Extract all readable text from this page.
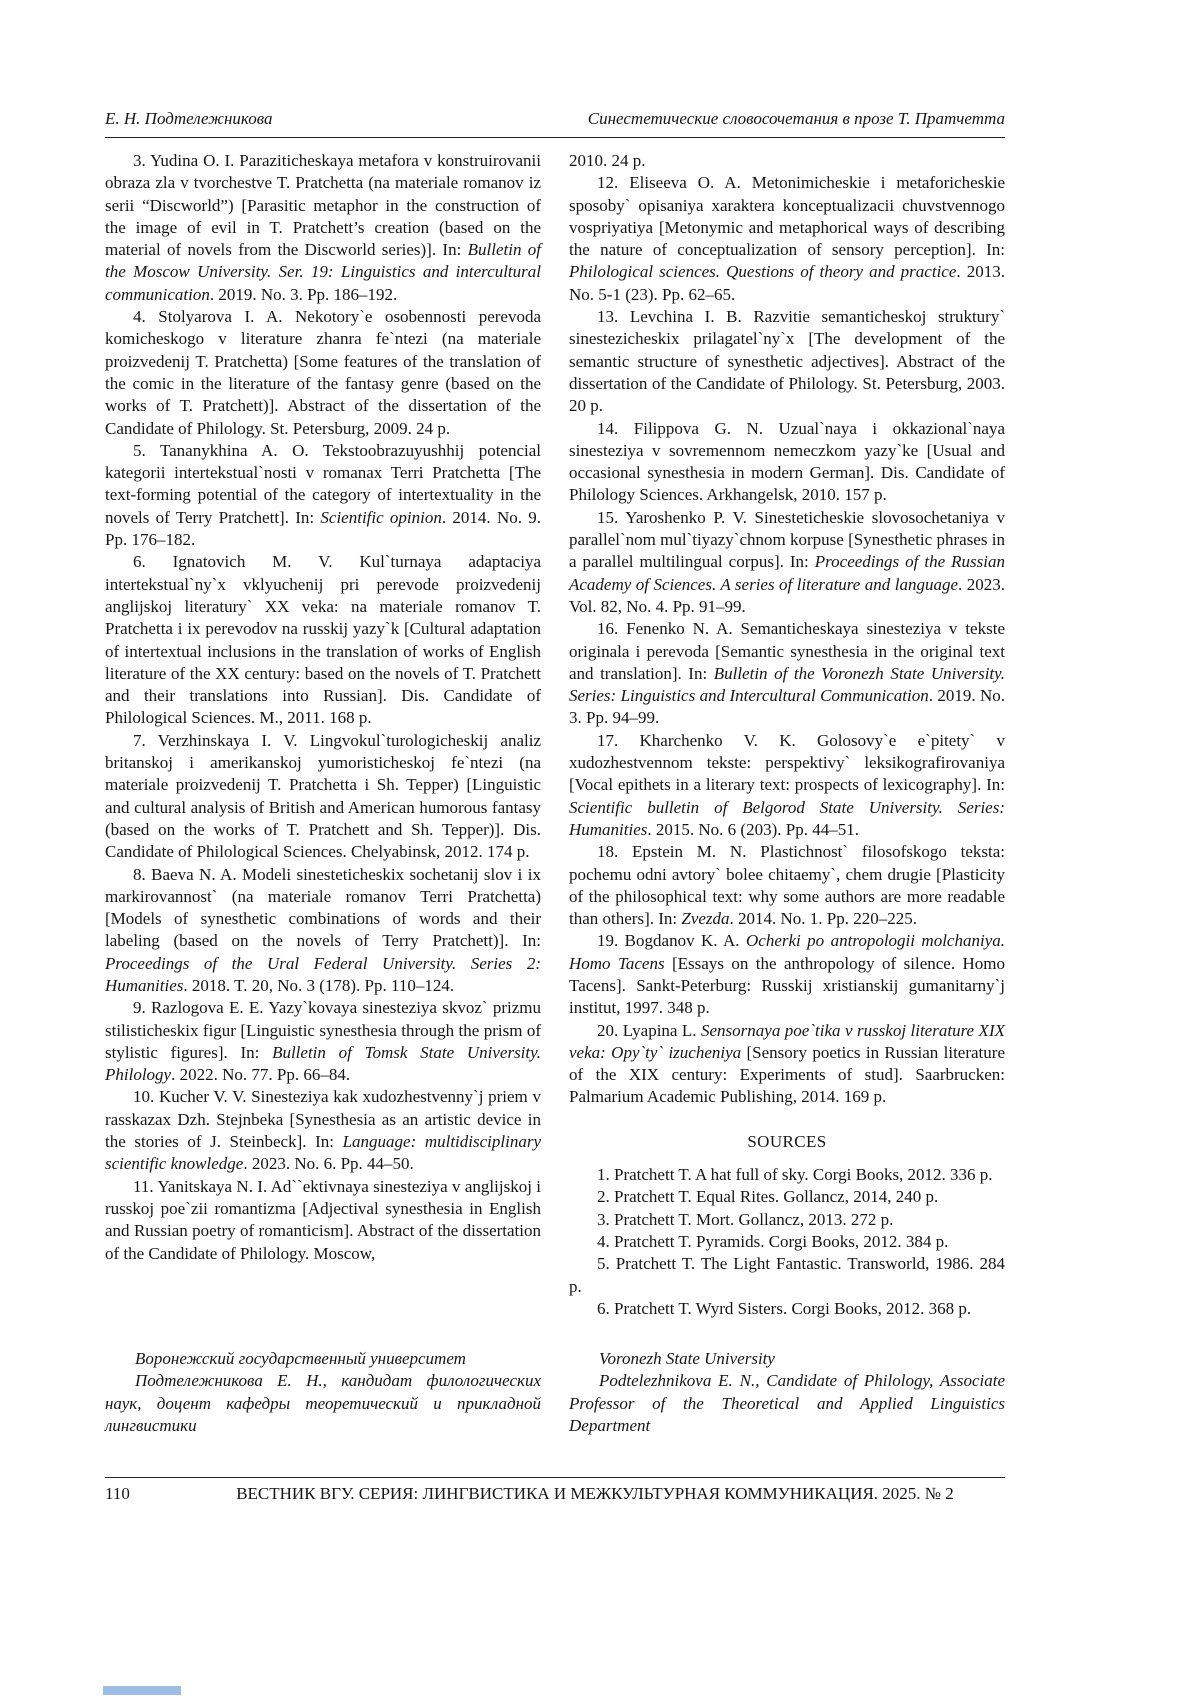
Е. Н. Подтележникова	Синестетические словосочетания в прозе Т. Пратчетта

3. Yudina O. I. Paraziticheskaya metafora v konstruirovanii obraza zla v tvorchestve T. Pratchetta (na materiale romanov iz serii “Discworld”) [Parasitic metaphor in the construction of the image of evil in T. Pratchett’s creation (based on the material of novels from the Discworld series)]. In: Bulletin of the Moscow University. Ser. 19: Linguistics and intercultural communication. 2019. No. 3. Pp. 186–192.

4. Stolyarova I. A. Nekotory`e osobennosti perevoda komicheskogo v literature zhanra fe`ntezi (na materiale proizvedenij T. Pratchetta) [Some features of the translation of the comic in the literature of the fantasy genre (based on the works of T. Pratchett)]. Abstract of the dissertation of the Candidate of Philology. St. Petersburg, 2009. 24 p.

5. Tananykhina A. O. Tekstoobrazuyushhij potencial kategorii intertekstual`nosti v romanax Terri Pratchetta [The text-forming potential of the category of intertextuality in the novels of Terry Pratchett]. In: Scientific opinion. 2014. No. 9. Pp. 176–182.

6. Ignatovich M. V. Kul`turnaya adaptaciya intertekstual`ny`x vklyuchenij pri perevode proizvedenij anglijskoj literatury` XX veka: na materiale romanov T. Pratchetta i ix perevodov na russkij yazy`k [Cultural adaptation of intertextual inclusions in the translation of works of English literature of the XX century: based on the novels of T. Pratchett and their translations into Russian]. Dis. Candidate of Philological Sciences. M., 2011. 168 p.

7. Verzhinskaya I. V. Lingvokul`turologicheskij analiz britanskoj i amerikanskoj yumoristicheskoj fe`ntezi (na materiale proizvedenij T. Pratchetta i Sh. Tepper) [Linguistic and cultural analysis of British and American humorous fantasy (based on the works of T. Pratchett and Sh. Tepper)]. Dis. Candidate of Philological Sciences. Chelyabinsk, 2012. 174 p.

8. Baeva N. A. Modeli sinesteticheskix sochetanij slov i ix markirovannost` (na materiale romanov Terri Pratchetta) [Models of synesthetic combinations of words and their labeling (based on the novels of Terry Pratchett)]. In: Proceedings of the Ural Federal University. Series 2: Humanities. 2018. T. 20, No. 3 (178). Pp. 110–124.

9. Razlogova E. E. Yazy`kovaya sinesteziya skvoz` prizmu stilisticheskix figur [Linguistic synesthesia through the prism of stylistic figures]. In: Bulletin of Tomsk State University. Philology. 2022. No. 77. Pp. 66–84.

10. Kucher V. V. Sinesteziya kak xudozhestvenny`j priem v rasskazax Dzh. Stejnbeka [Synesthesia as an artistic device in the stories of J. Steinbeck]. In: Language: multidisciplinary scientific knowledge. 2023. No. 6. Pp. 44–50.

11. Yanitskaya N. I. Ad``ektivnaya sinesteziya v anglijskoj i russkoj poe`zii romantizma [Adjectival synesthesia in English and Russian poetry of romanticism]. Abstract of the dissertation of the Candidate of Philology. Moscow,

2010. 24 p.

12. Eliseeva O. A. Metonimicheskie i metaforicheskie sposoby` opisaniya xaraktera konceptualizacii chuvstvennogo vospriyatiya [Metonymic and metaphorical ways of describing the nature of conceptualization of sensory perception]. In: Philological sciences. Questions of theory and practice. 2013. No. 5-1 (23). Pp. 62–65.

13. Levchina I. B. Razvitie semanticheskoj struktury` sinestezicheskix prilagatel`ny`x [The development of the semantic structure of synesthetic adjectives]. Abstract of the dissertation of the Candidate of Philology. St. Petersburg, 2003. 20 p.

14. Filippova G. N. Uzual`naya i okkazional`naya sinesteziya v sovremennom nemeczkom yazy`ke [Usual and occasional synesthesia in modern German]. Dis. Candidate of Philology Sciences. Arkhangelsk, 2010. 157 p.

15. Yaroshenko P. V. Sinesteticheskie slovosochetaniya v parallel`nom mul`tiyazy`chnom korpuse [Synesthetic phrases in a parallel multilingual corpus]. In: Proceedings of the Russian Academy of Sciences. A series of literature and language. 2023. Vol. 82, No. 4. Pp. 91–99.

16. Fenenko N. A. Semanticheskaya sinesteziya v tekste originala i perevoda [Semantic synesthesia in the original text and translation]. In: Bulletin of the Voronezh State University. Series: Linguistics and Intercultural Communication. 2019. No. 3. Pp. 94–99.

17. Kharchenko V. K. Golosovy`e e`pitety` v xudozhestvennom tekste: perspektivy` leksikografirovaniya [Vocal epithets in a literary text: prospects of lexicography]. In: Scientific bulletin of Belgorod State University. Series: Humanities. 2015. No. 6 (203). Pp. 44–51.

18. Epstein M. N. Plastichnost` filosofskogo teksta: pochemu odni avtory` bolee chitaemy`, chem drugie [Plasticity of the philosophical text: why some authors are more readable than others]. In: Zvezda. 2014. No. 1. Pp. 220–225.

19. Bogdanov K. A. Ocherki po antropologii molchaniya. Homo Tacens [Essays on the anthropology of silence. Homo Tacens]. Sankt-Peterburg: Russkij xristianskij gumanitarny`j institut, 1997. 348 p.

20. Lyapina L. Sensornaya poe`tika v russkoj literature XIX veka: Opy`ty` izucheniya [Sensory poetics in Russian literature of the XIX century: Experiments of stud]. Saarbrucken: Palmarium Academic Publishing, 2014. 169 p.

SOURCES

1. Pratchett T. A hat full of sky. Corgi Books, 2012. 336 p.

2. Pratchett T. Equal Rites. Gollancz, 2014, 240 p.

3. Pratchett T. Mort. Gollancz, 2013. 272 p.

4. Pratchett T. Pyramids. Corgi Books, 2012. 384 p.

5. Pratchett T. The Light Fantastic. Transworld, 1986. 284 p.

6. Pratchett T. Wyrd Sisters. Corgi Books, 2012. 368 p.

Воронежский государственный университет

Подтележникова Е. Н., кандидат филологических наук, доцент кафедры теоретический и прикладной лингвистики

Voronezh State University

Podtelezhnikova E. N., Candidate of Philology, Associate Professor of the Theoretical and Applied Linguistics Department

110	ВЕСТНИК ВГУ. СЕРИЯ: ЛИНГВИСТИКА И МЕЖКУЛЬТУРНАЯ КОММУНИКАЦИЯ. 2025. № 2
